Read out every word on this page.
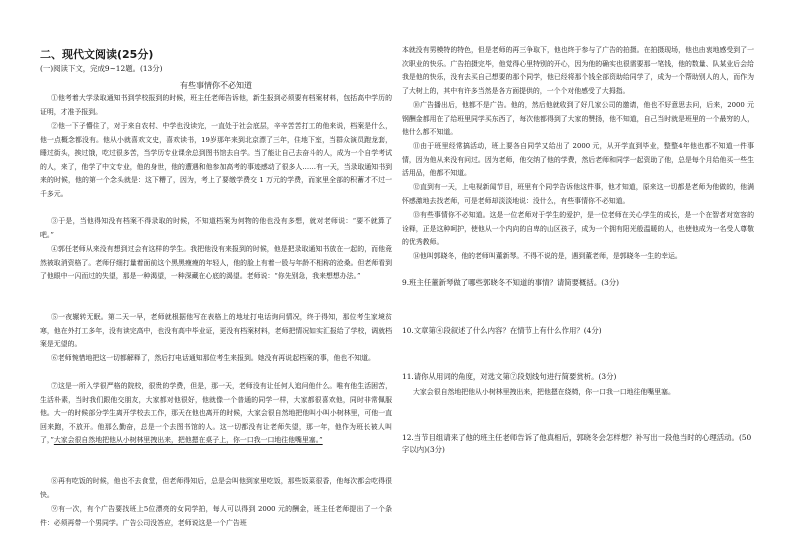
二、现代文阅读(25分)
(一)阅读下文，完成9~12题。(13分)
有些事情你不必知道

①他考着大学录取通知书到学校报到的时候，班主任老师告诉他，新生报到必须要有档案材料，包括高中学历的证明，才准予报到。

②他一下子懵住了，对于来自农村、中学也没读完，一直处于社会底层，辛辛苦苦打工的他来说，档案是什么，他一点概念都没有。他从小就喜欢文史，喜欢读书，19岁那年来到北京漂了三年，住地下室，当群众演员跑龙套，睡过街头，挨过饿，吃过很多苦，当学历专业课余总到图书馆去自学。当了能让自己去奋斗的人，成为一个自学考试的人，来了，他学了中文专业，他的身世，他的遭遇和他参加高考的事迹感动了很多人……有一天，当录取通知书到来的时候，他的第一个念头就是：这下糟了，因为，考上了要缴学费交 1 万元的学费，而家里全部的积蓄才不过一千多元。

③于是，当他得知没有档案不得录取的时候，不知道档案为何物的他也没有多想，就对老师说：“要不就算了吧。”

④郭任老师从来没有想到过会有这样的学生。我把他没有来报到的时候，他是把录取通知书放在一起的，而他竟然被取消资格了。老师仔细打量着面前这个黑黑瘦瘦的年轻人，他的脸上有着一股与年龄不相称的沧桑。但老师看到了他眼中一闪而过的失望，那是一种渴望，一种深藏在心底的渴望。老师说：“你先别急，我来想想办法。”

⑤一夜辗转无眠。第二天一早，老师就根据他写在表格上的地址打电话询问情况，终于得知，那位考生家境贫寒，他在外打工多年，没有读完高中，也没有高中毕业证，更没有档案材料，老师把情况如实汇报给了学校，调就档案是无望的。

⑥老师惋惜地把这一切都解释了，然后打电话通知那位考生来报到。她没有再说起档案的事，他也不知道。

⑦这是一所入学很严格的院校，很贵的学费，但是，那一天，老师没有让任何人追问他什么。唯有他生活困苦，生活朴素，当时我们跟他交朋友，大家都对他很好，他就像一个普通的同学一样，大家都很喜欢他，同时非常佩服他。大一的时候部分学生离开学校去工作，那天在他也离开的时候，大家会很自然地把他叫小叫小树林里，可他一直回来跑，不放开。他那么勤奋，总是一个去图书馆的人。这一切都没有让老师失望，那一年，他作为班长被人叫了，”大家会很自然地把他从小树林里拽出来，把他摁在桌子上，你一口我一口地往他嘴里塞。”

⑧再有吃饭的时候，他也不去食堂，但老师得知后，总是会叫他到家里吃饭，那些饭菜很香，他每次都会吃得很快。

⑨有一次，有个广告要找班上5位漂亮的女同学拍，每人可以得到 2000 元的酬金，班主任老师提出了一个条件：必须再带一个男同学。广告公司没答应，老师说这是一个广告班

本就没有男模特的特色，但是老师的再三争取下，他也终于参与了广告的拍摄。在拍摄现场，他也由衷地感受到了一次职业的快乐。广告拍摄完毕，他觉得心里特别的开心，因为他的确实也很需要那一笔钱，他的数量、队某业后会给我是他的快乐，没有去买自己想要的那个同学，他已经将那个钱全部资助给同学了，成为一个帮助别人的人，而作为了大树上的，其中有许多当然是各方面提供的，一个个对他感受了大拇指。

⑩广告播出后，他都不是广告。他的，然后他就收到了好几家公司的邀请，他也不好意思去问，后来，2000 元钢酬金都用在了给班里同学买东西了，每次他都得到了大家的赞扬，他不知道，自己当时就是班里的一个最穷的人，他什么都不知道。

⑪由于班里经常搞活动，班上要各自同学又给出了 2000 元，从开学直到毕业，整整4年他也都不知道一件事情，因为他从来没有问过。因为老师，他交纳了他的学费，然后老师和同学一起资助了他，总是每个月给他买一些生活用品，他都不知道。

⑫直到有一天，上电视新闻节目，班里有个同学告诉他这件事，他才知道，原来这一切都是老师为他做的，他满怀感激地去找老师，可是老师却淡淡地说：没什么，有些事情你不必知道。

⑬有些事情你不必知道。这是一位老师对于学生的爱护，是一位老师在关心学生的成长，是一个在智者对宽容的诠释，正是这种呵护，使他从一个内向的自卑的山区孩子，成为一个拥有阳光般温暖的人，也使他成为一名受人尊敬的优秀教师。

⑭他叫郭晓冬，他的老师叫董新琴。不得不说的是，遇到董老师，是郭晓冬一生的幸运。

9.班主任董新琴做了哪些郭晓冬不知道的事情？请简要概括。(3分)

10.文章第④段叙述了什么内容？在情节上有什么作用？(4分)

11.请你从用词的角度，对选文第⑦段划线句进行简要赏析。(3分)

大家会很自然地把他从小树林里拽出来，把他摁在绕椅，你一口我一口地往他嘴里塞。

12.当节目组请来了他的班主任老师告诉了他真相后，郭晓冬会怎样想？补写出一段他当时的心理活动。(50 字以内)(3分)
